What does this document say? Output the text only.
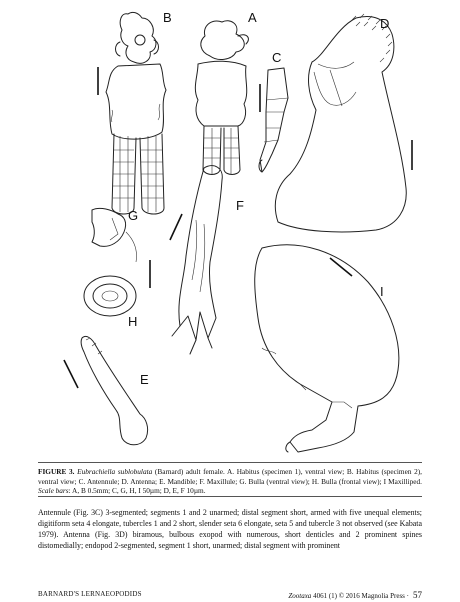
B	A
C
D
G
H
F
E
I
FIGURE 3. Eubrachiella sublobulata (Barnard) adult female. A. Habitus (specimen 1), ventral view; B. Habitus (specimen 2), ventral view; C. Antennule; D. Antenna; E. Mandible; F. Maxillule; G. Bulla (ventral view); H. Bulla (frontal view); I Maxilliped. Scale bars: A, B 0.5mm; C, G, H, I 50µm; D, E, F 10µm.
Antennule (Fig. 3C) 3-segmented; segments 1 and 2 unarmed; distal segment short, armed with five unequal elements; digitiform seta 4 elongate, tubercles 1 and 2 short, slender seta 6 elongate, seta 5 and tubercle 3 not observed (see Kabata 1979). Antenna (Fig. 3D) biramous, bulbous exopod with numerous, short denticles and 2 prominent spines distomedially; endopod 2-segmented, segment 1 short, unarmed; distal segment with prominent
BARNARD'S LERNAEOPODIDS	Zootaxa 4061 (1) © 2016 Magnolia Press · 57
